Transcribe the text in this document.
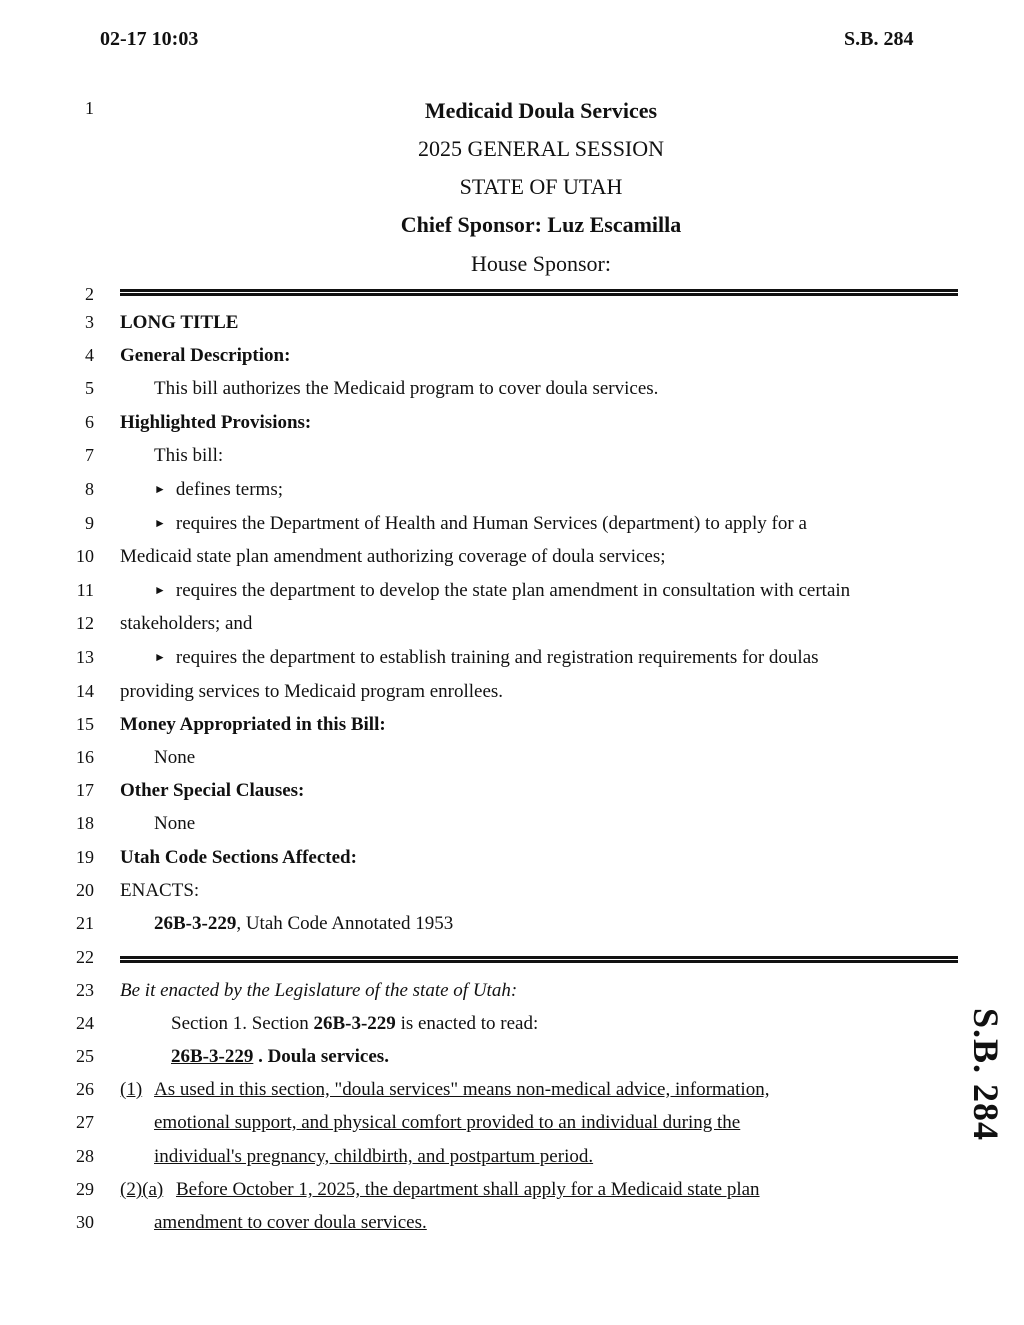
02-17 10:03	S.B. 284
1
2
3
4
5
6
7
8
9
10
11
12
13
14
15
16
17
18
19
20
21
22
23
24
25
26
27
28
29
30
Medicaid Doula Services
2025 GENERAL SESSION
STATE OF UTAH
Chief Sponsor: Luz Escamilla
House Sponsor:
LONG TITLE
General Description:
This bill authorizes the Medicaid program to cover doula services.
Highlighted Provisions:
This bill:
► defines terms;
► requires the Department of Health and Human Services (department) to apply for a
Medicaid state plan amendment authorizing coverage of doula services;
► requires the department to develop the state plan amendment in consultation with certain
stakeholders; and
► requires the department to establish training and registration requirements for doulas
providing services to Medicaid program enrollees.
Money Appropriated in this Bill:
None
Other Special Clauses:
None
Utah Code Sections Affected:
ENACTS:
26B-3-229, Utah Code Annotated 1953
Be it enacted by the Legislature of the state of Utah:
Section 1. Section 26B-3-229 is enacted to read:
26B-3-229 . Doula services.
(1) As used in this section, "doula services" means non-medical advice, information,
emotional support, and physical comfort provided to an individual during the
individual's pregnancy, childbirth, and postpartum period.
(2)(a) Before October 1, 2025, the department shall apply for a Medicaid state plan
amendment to cover doula services.
S.B. 284
